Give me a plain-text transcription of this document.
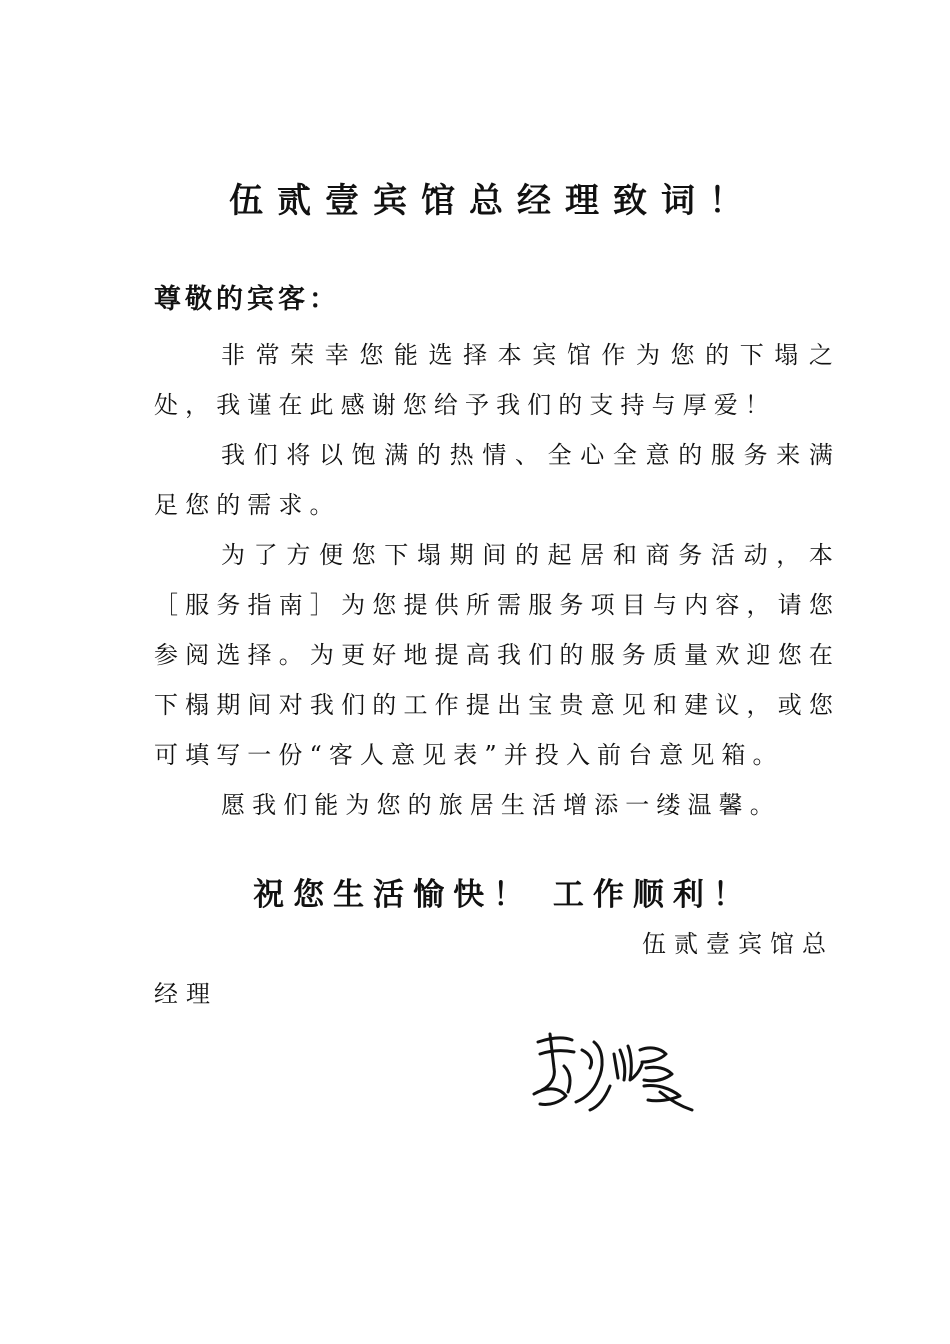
伍贰壹宾馆总经理致词！
尊敬的宾客：

非常荣幸您能选择本宾馆作为您的下塌之处，我谨在此感谢您给予我们的支持与厚爱！

我们将以饱满的热情、全心全意的服务来满足您的需求。

为了方便您下塌期间的起居和商务活动，本［服务指南］为您提供所需服务项目与内容，请您参阅选择。为更好地提高我们的服务质量欢迎您在下榻期间对我们的工作提出宝贵意见和建议，或您可填写一份“客人意见表”并投入前台意见箱。

愿我们能为您的旅居生活增添一缕温馨。

祝您生活愉快！ 工作顺利！
伍贰壹宾馆总
经理
